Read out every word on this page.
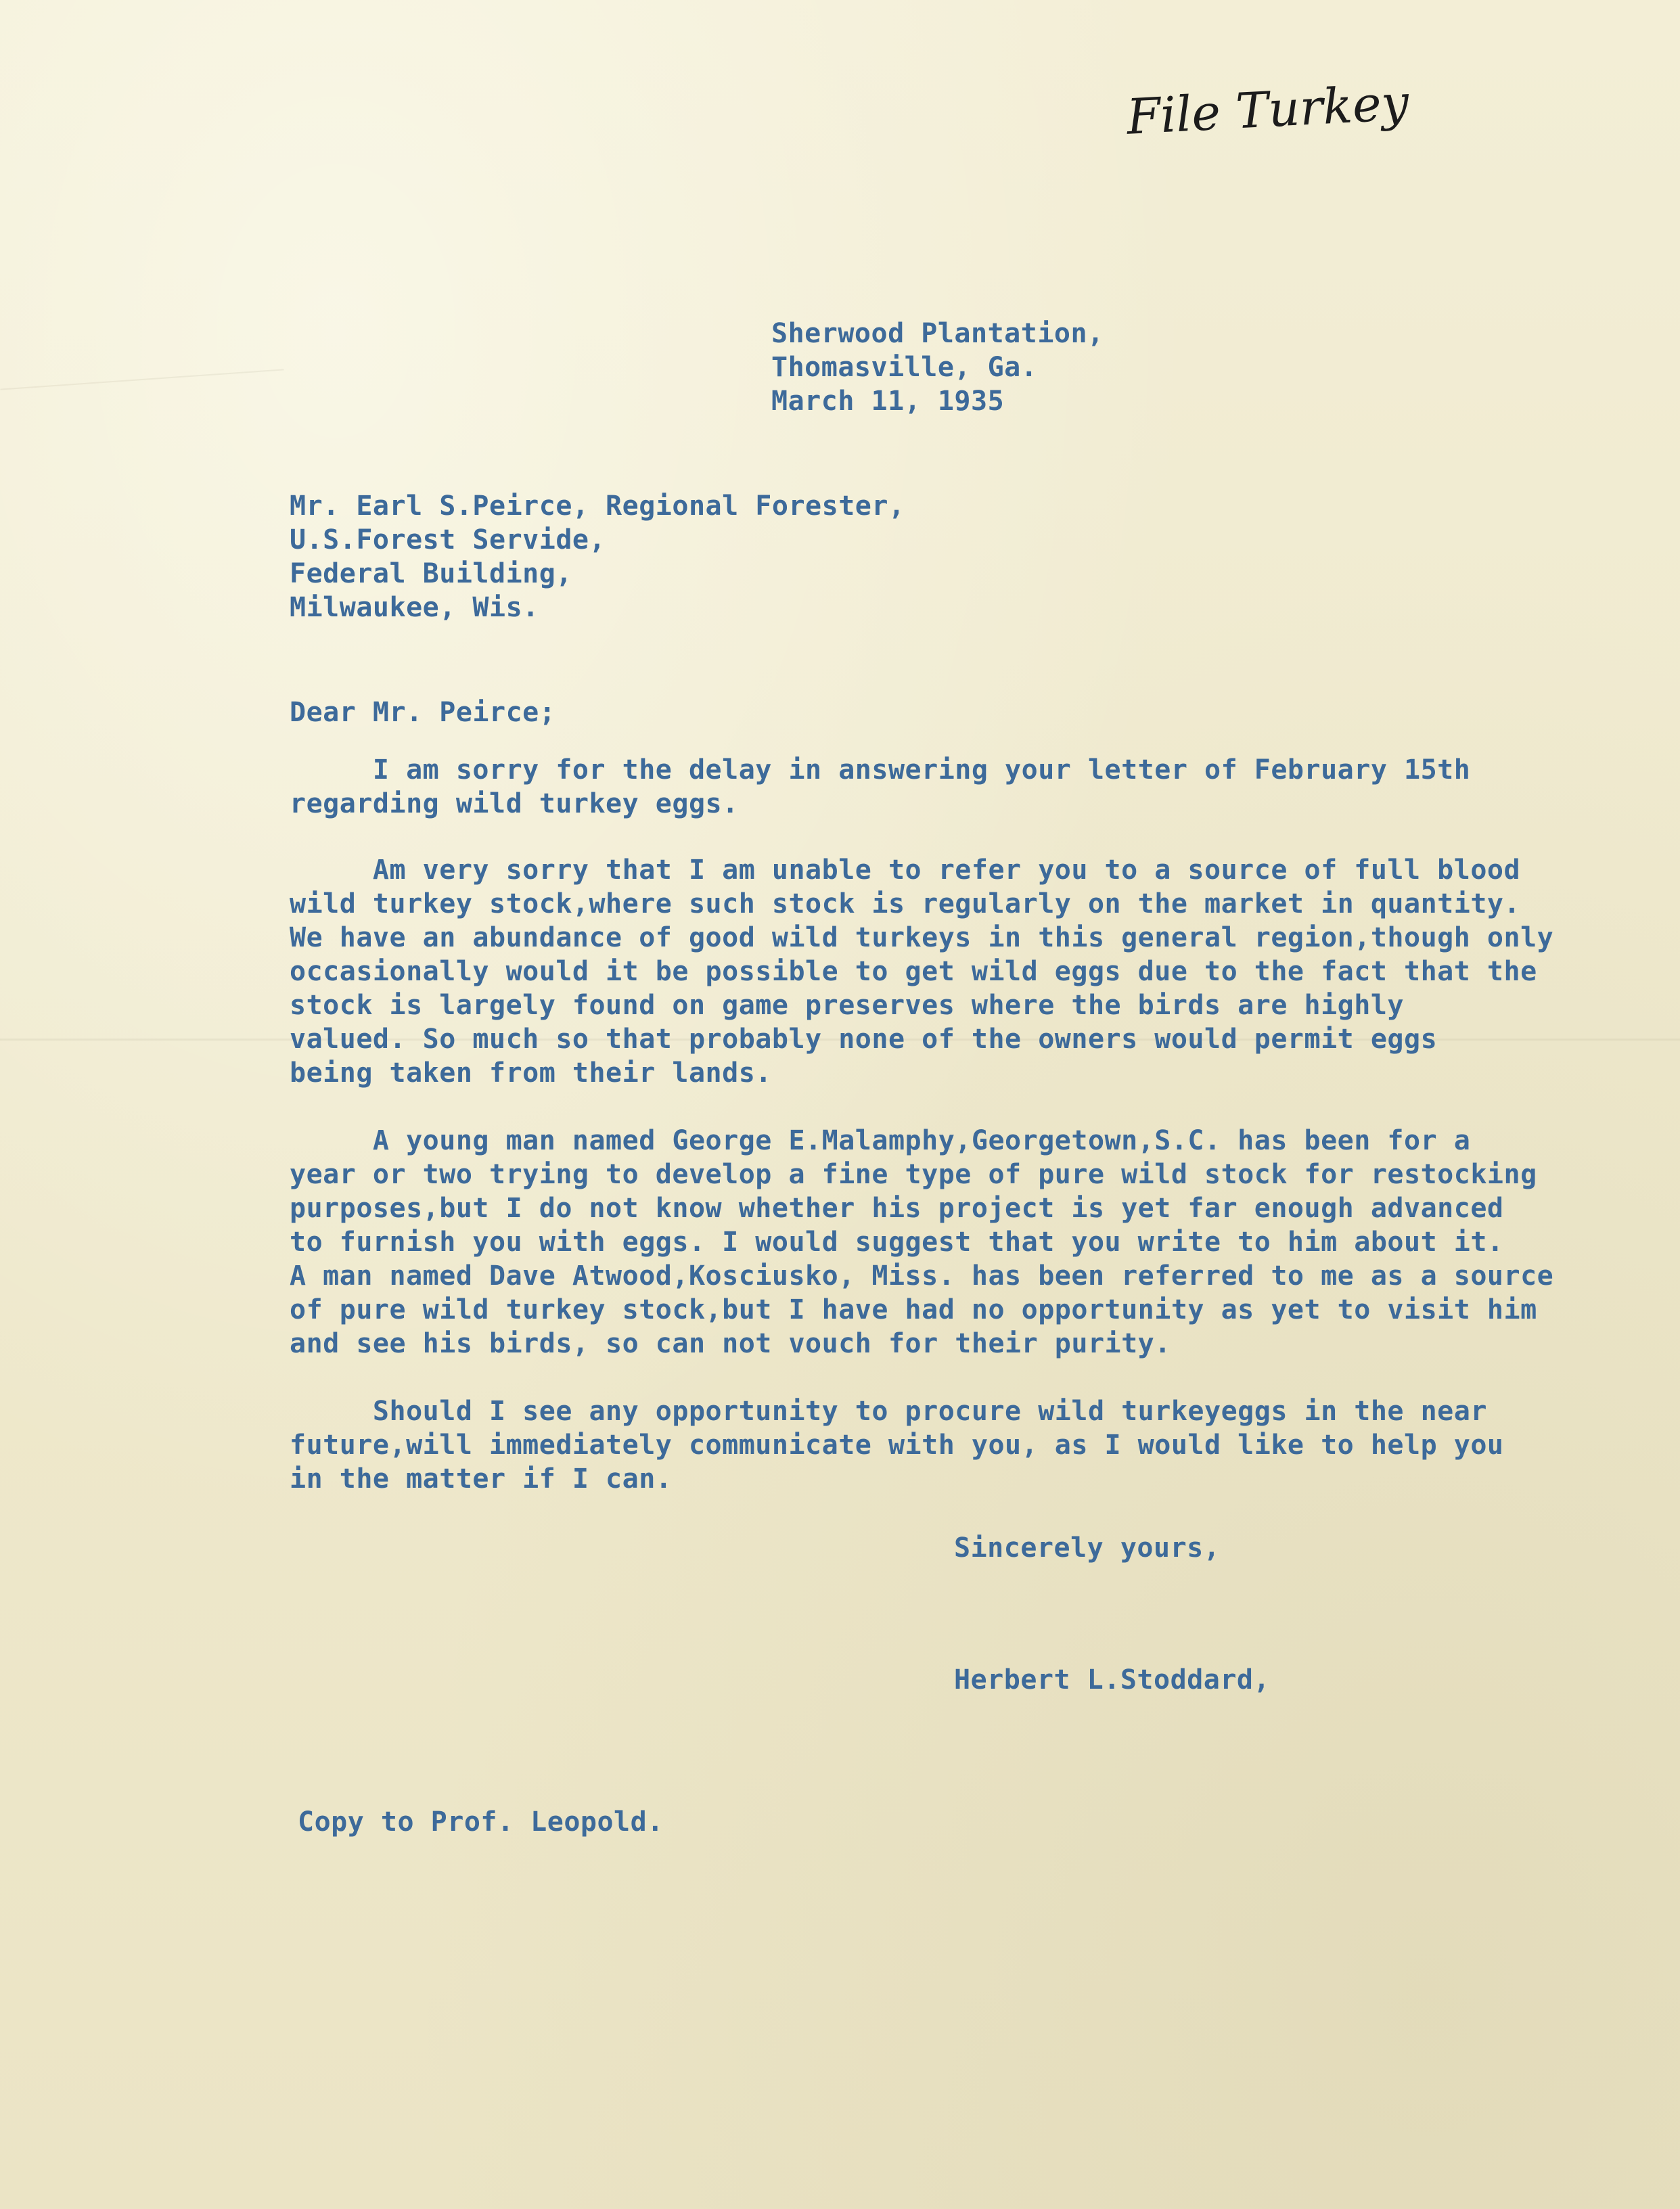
File Turkey

Sherwood Plantation,

Thomasville, Ga.

March 11, 1935

Mr. Earl S.Peirce, Regional Forester,

U.S.Forest Servide,

Federal Building,

Milwaukee, Wis.

Dear Mr. Peirce;

I am sorry for the delay in answering your letter of February 15th

regarding wild turkey eggs.

Am very sorry that I am unable to refer you to a source of full blood

wild turkey stock,where such stock is regularly on the market in quantity.

We have an abundance of good wild turkeys in this general region,though only

occasionally would it be possible to get wild eggs due to the fact that the

stock is largely found on game preserves where the birds are highly

valued. So much so that probably none of the owners would permit eggs

being taken from their lands.

A young man named George E.Malamphy,Georgetown,S.C. has been for a

year or two trying to develop a fine type of pure wild stock for restocking

purposes,but I do not know whether his project is yet far enough advanced

to furnish you with eggs. I would suggest that you write to him about it.

A man named Dave Atwood,Kosciusko, Miss. has been referred to me as a source

of pure wild turkey stock,but I have had no opportunity as yet to visit him

and see his birds, so can not vouch for their purity.

Should I see any opportunity to procure wild turkeyeggs in the near

future,will immediately communicate with you, as I would like to help you

in the matter if I can.

Sincerely yours,

Herbert L.Stoddard,

Copy to Prof. Leopold.
